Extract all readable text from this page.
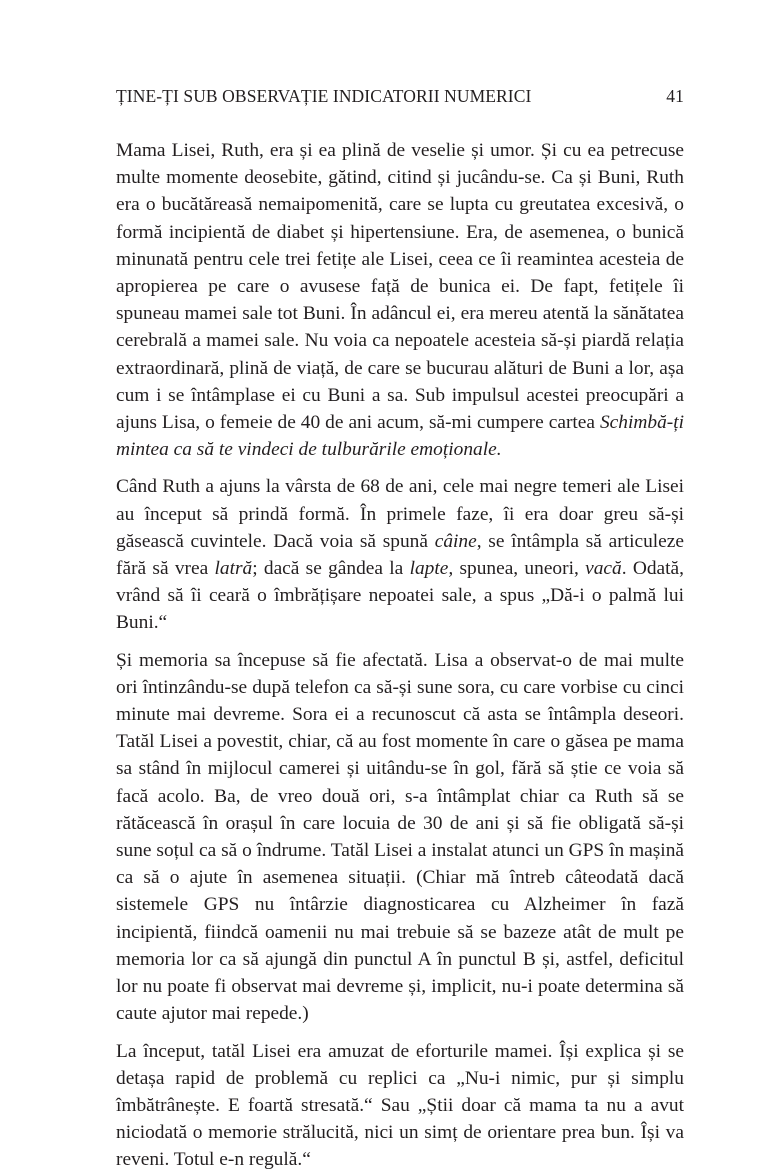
ȚINE-ȚI SUB OBSERVAȚIE INDICATORII NUMERICI	41

Mama Lisei, Ruth, era și ea plină de veselie și umor. Și cu ea petrecuse multe momente deosebite, gătind, citind și jucându-se. Ca și Buni, Ruth era o bucătăreasă nemaipomenită, care se lupta cu greutatea excesivă, o formă incipientă de diabet și hipertensiune. Era, de asemenea, o bunică minunată pentru cele trei fetițe ale Lisei, ceea ce îi reamintea acesteia de apropierea pe care o avusese față de bunica ei. De fapt, fetițele îi spuneau mamei sale tot Buni. În adâncul ei, era mereu atentă la sănătatea cerebrală a mamei sale. Nu voia ca nepoatele acesteia să-și piardă relația extraordinară, plină de viață, de care se bucurau alături de Buni a lor, așa cum i se întâmplase ei cu Buni a sa. Sub impulsul acestei preocupări a ajuns Lisa, o femeie de 40 de ani acum, să-mi cumpere cartea Schimbă-ți mintea ca să te vindeci de tulburările emoționale.

Când Ruth a ajuns la vârsta de 68 de ani, cele mai negre temeri ale Lisei au început să prindă formă. În primele faze, îi era doar greu să-și găsească cuvintele. Dacă voia să spună câine, se întâmpla să articuleze fără să vrea latră; dacă se gândea la lapte, spunea, uneori, vacă. Odată, vrând să îi ceară o îmbrățișare nepoatei sale, a spus „Dă-i o palmă lui Buni.“

Și memoria sa începuse să fie afectată. Lisa a observat-o de mai multe ori întinzându-se după telefon ca să-și sune sora, cu care vorbise cu cinci minute mai devreme. Sora ei a recunoscut că asta se întâmpla deseori. Tatăl Lisei a povestit, chiar, că au fost momente în care o găsea pe mama sa stând în mijlocul camerei și uitându-se în gol, fără să știe ce voia să facă acolo. Ba, de vreo două ori, s-a întâmplat chiar ca Ruth să se rătăcească în orașul în care locuia de 30 de ani și să fie obligată să-și sune soțul ca să o îndrume. Tatăl Lisei a instalat atunci un GPS în mașină ca să o ajute în asemenea situații. (Chiar mă întreb câteodată dacă sistemele GPS nu întârzie diagnosticarea cu Alzheimer în fază incipientă, fiindcă oamenii nu mai trebuie să se bazeze atât de mult pe memoria lor ca să ajungă din punctul A în punctul B și, astfel, deficitul lor nu poate fi observat mai devreme și, implicit, nu-i poate determina să caute ajutor mai repede.)

La început, tatăl Lisei era amuzat de eforturile mamei. Își explica și se detașa rapid de problemă cu replici ca „Nu-i nimic, pur și simplu îmbătrânește. E foartă stresată.“ Sau „Știi doar că mama ta nu a avut niciodată o memorie strălucită, nici un simț de orientare prea bun. Își va reveni. Totul e-n regulă.“
